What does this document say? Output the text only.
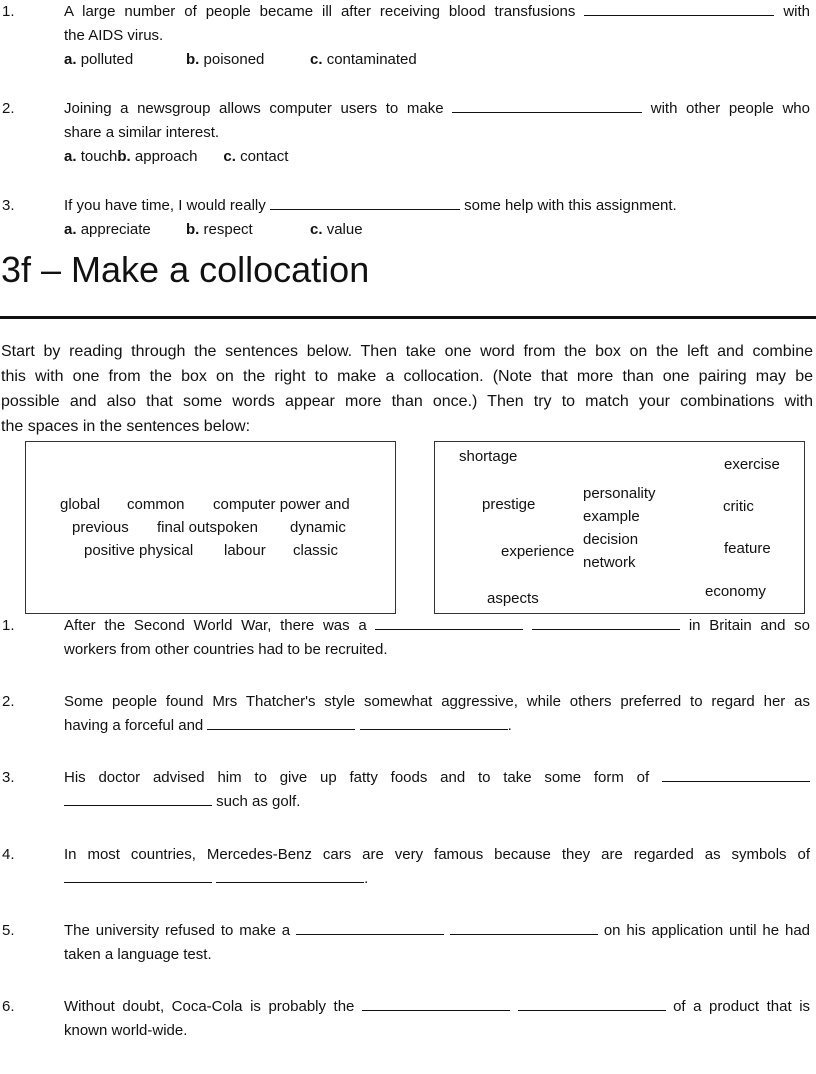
1.	A large number of people became ill after receiving blood transfusions	with
the AIDS virus.
a. polluted	b. poisoned	c. contaminated
2.	Joining a newsgroup allows computer users to make	with other people who
share a similar interest.
a. touchb. approach c. contact
3.	If you have time, I would really	some help with this assignment.
a. appreciate b. respect	c. value
3f – Make a collocation
Start by reading through the sentences below. Then take one word from the box on the left and combine
this with one from the box on the right to make a collocation. (Note that more than one pairing may be
possible and also that some words appear more than once.) Then try to match your combinations with
the spaces in the sentences below:
global common computer power and
previous final outspoken dynamic
positive physical labour classic
shortage	exercise
personality
prestige	critic
example
decision
experience	feature
network
economy
aspects
1.	After the Second World War, there was a	in Britain and so
workers from other countries had to be recruited.
2.	Some people found Mrs Thatcher's style somewhat aggressive, while others preferred to regard her as
having a forceful and	.
3.	His doctor advised him to give up fatty foods and to take some form of
such as golf.
4.	In most countries, Mercedes-Benz cars are very famous because they are regarded as symbols of
.
5.	The university refused to make a	on his application until he had
taken a language test.
6.	Without doubt, Coca-Cola is probably the	of a product that is
known world-wide.
